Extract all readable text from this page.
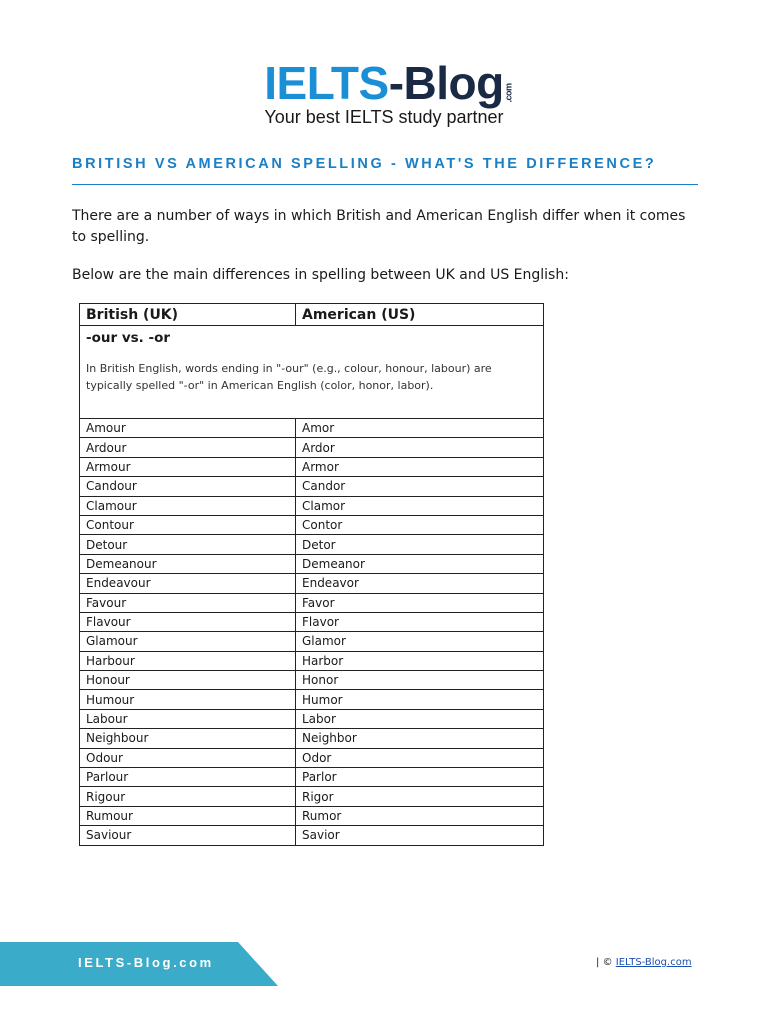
IELTS-Blog .com
Your best IELTS study partner
BRITISH VS AMERICAN SPELLING - WHAT'S THE DIFFERENCE?
There are a number of ways in which British and American English differ when it comes to spelling.
Below are the main differences in spelling between UK and US English:
British (UK)	American (US)

-our vs. -or
In British English, words ending in "-our" (e.g., colour, honour, labour) are typically spelled "-or" in American English (color, honor, labor).	

Amour	Amor
Ardour	Ardor
Armour	Armor
Candour	Candor
Clamour	Clamor
Contour	Contor
Detour	Detor
Demeanour	Demeanor
Endeavour	Endeavor
Favour	Favor
Flavour	Flavor
Glamour	Glamor
Harbour	Harbor
Honour	Honor
Humour	Humor
Labour	Labor
Neighbour	Neighbor
Odour	Odor
Parlour	Parlor
Rigour	Rigor
Rumour	Rumor
Saviour	Savior
IELTS-Blog.com	| © IELTS-Blog.com
